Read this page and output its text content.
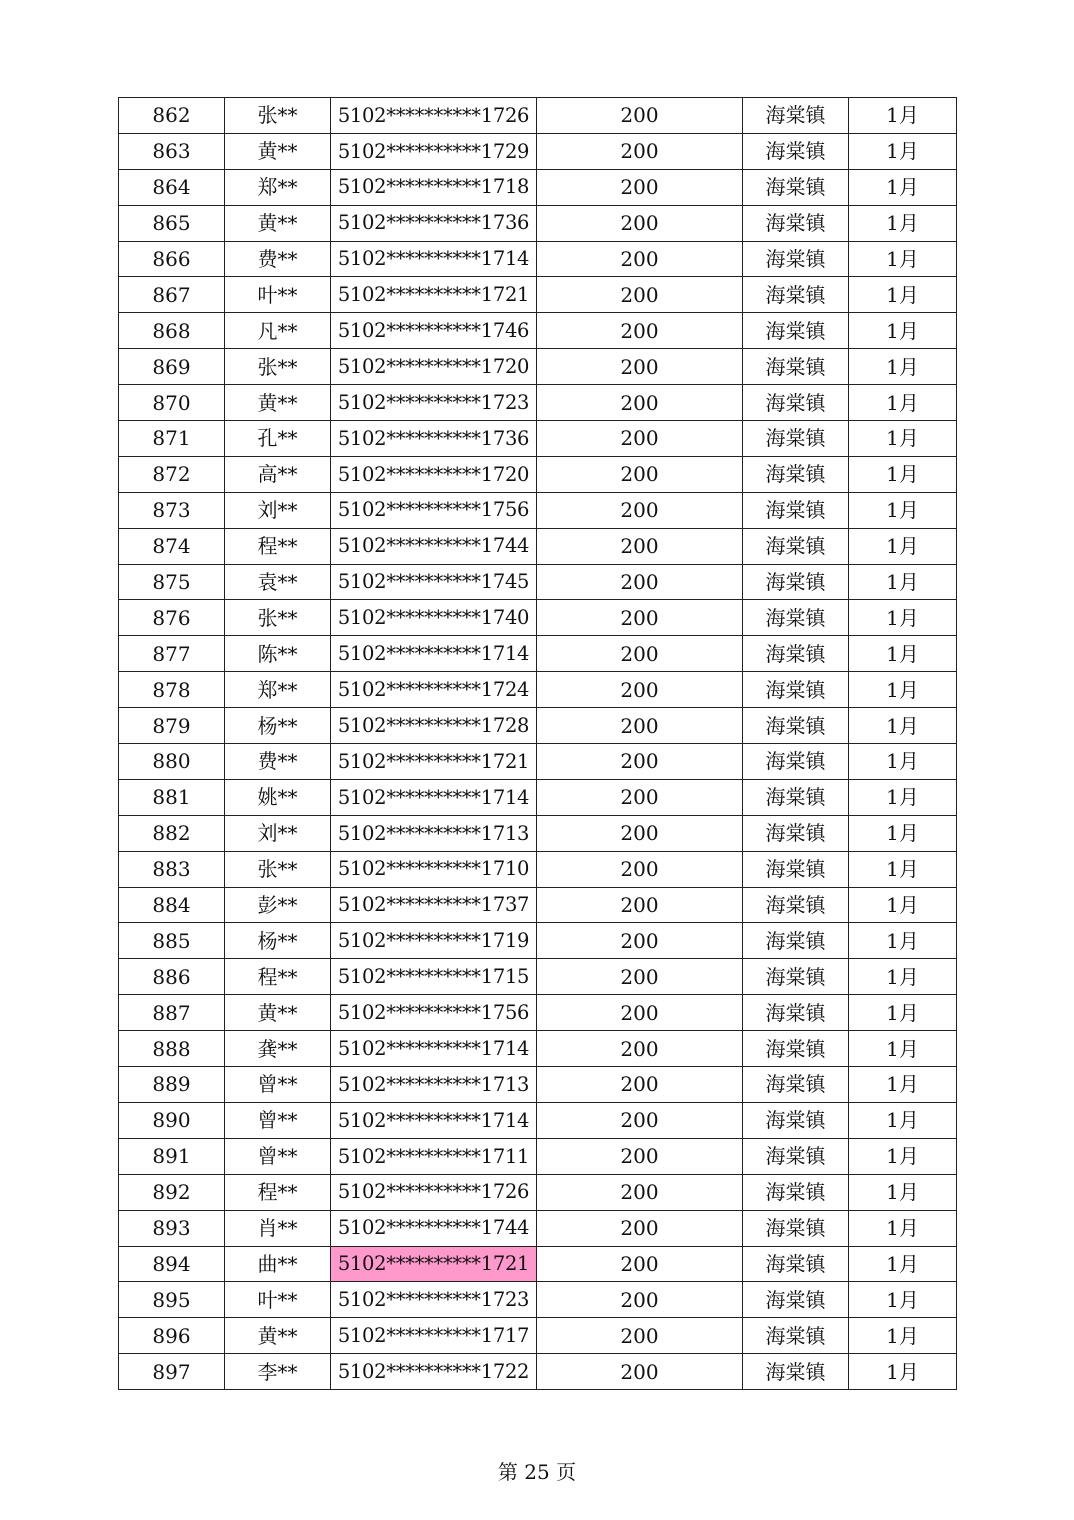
862	张**	5102**********1726	200	海棠镇	1月
863	黄**	5102**********1729	200	海棠镇	1月
864	郑**	5102**********1718	200	海棠镇	1月
865	黄**	5102**********1736	200	海棠镇	1月
866	费**	5102**********1714	200	海棠镇	1月
867	叶**	5102**********1721	200	海棠镇	1月
868	凡**	5102**********1746	200	海棠镇	1月
869	张**	5102**********1720	200	海棠镇	1月
870	黄**	5102**********1723	200	海棠镇	1月
871	孔**	5102**********1736	200	海棠镇	1月
872	高**	5102**********1720	200	海棠镇	1月
873	刘**	5102**********1756	200	海棠镇	1月
874	程**	5102**********1744	200	海棠镇	1月
875	袁**	5102**********1745	200	海棠镇	1月
876	张**	5102**********1740	200	海棠镇	1月
877	陈**	5102**********1714	200	海棠镇	1月
878	郑**	5102**********1724	200	海棠镇	1月
879	杨**	5102**********1728	200	海棠镇	1月
880	费**	5102**********1721	200	海棠镇	1月
881	姚**	5102**********1714	200	海棠镇	1月
882	刘**	5102**********1713	200	海棠镇	1月
883	张**	5102**********1710	200	海棠镇	1月
884	彭**	5102**********1737	200	海棠镇	1月
885	杨**	5102**********1719	200	海棠镇	1月
886	程**	5102**********1715	200	海棠镇	1月
887	黄**	5102**********1756	200	海棠镇	1月
888	龚**	5102**********1714	200	海棠镇	1月
889	曾**	5102**********1713	200	海棠镇	1月
890	曾**	5102**********1714	200	海棠镇	1月
891	曾**	5102**********1711	200	海棠镇	1月
892	程**	5102**********1726	200	海棠镇	1月
893	肖**	5102**********1744	200	海棠镇	1月
894	曲**	5102**********1721	200	海棠镇	1月
895	叶**	5102**********1723	200	海棠镇	1月
896	黄**	5102**********1717	200	海棠镇	1月
897	李**	5102**********1722	200	海棠镇	1月
第 25 页
